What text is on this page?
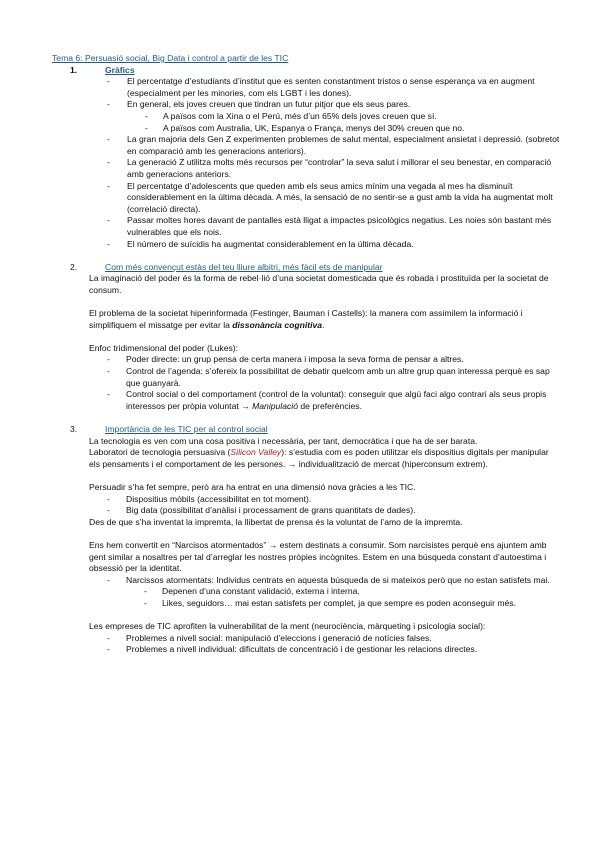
Tema 6: Persuasió social, Big Data i control a partir de les TIC
1.	Gràfics
- El percentatge d’estudiants d’institut que es senten constantment tristos o sense esperança va en augment (especialment per les minories, com els LGBT i les dones).
- En general, els joves creuen que tindran un futur pitjor que els seus pares.
- A països com la Xina o el Perú, més d’un 65% dels joves creuen que sí.
- A països com Australia, UK, Espanya o França, menys del 30% creuen que no.
- La gran majoria dels Gen Z experimenten problemes de salut mental, especialment ansietat i depressió. (sobretot en comparació amb les generacions anteriors).
- La generació Z utilitza molts més recursos per “controlar” la seva salut i millorar el seu benestar, en comparació amb generacions anteriors.
- El percentatge d’adolescents que queden amb els seus amics mínim una vegada al mes ha disminuït considerablement en la última dècada. A més, la sensació de no sentir-se a gust amb la vida ha augmentat molt (correlació directa).
- Passar moltes hores davant de pantalles està lligat a impactes psicològics negatius. Les noies són bastant més vulnerables que els nois.
- El número de suïcidis ha augmentat considerablement en la última dècada.
2.	Com més convençut estàs del teu lliure albitri, més fàcil ets de manipular
La imaginació del poder és la forma de rebel·lió d’una societat domesticada que és robada i prostituïda per la societat de consum.
El problema de la societat hiperinformada (Festinger, Bauman i Castells): la manera com assimilem la informació i simplifiquem el missatge per evitar la dissonància cognitiva.
Enfoc tridimensional del poder (Lukes):
- Poder directe: un grup pensa de certa manera i imposa la seva forma de pensar a altres.
- Control de l’agenda: s’ofereix la possibilitat de debatir quelcom amb un altre grup quan interessa perquè es sap que guanyarà.
- Control social o del comportament (control de la voluntat): conseguir que algú faci algo contrari als seus propis interessos per pròpia voluntat → Manipulació de preferències.
3.	Importància de les TIC per al control social
La tecnologia es ven com una cosa positiva i necessària, per tant, democràtica i que ha de ser barata.
Laboratori de tecnologia persuasiva (Silicon Valley): s’estudia com es poden utilitzar els dispositius digitals per manipular els pensaments i el comportament de les persones. → individualització de mercat (hiperconsum extrem).
Persuadir s’ha fet sempre, però ara ha entrat en una dimensió nova gràcies a les TIC.
- Dispositius mòbils (accessibilitat en tot moment).
- Big data (possibilitat d’anàlisi i processament de grans quantitats de dades).
Des de que s’ha inventat la impremta, la llibertat de prensa és la voluntat de l’amo de la impremta.
Ens hem convertit en “Narcisos atormentados” → estem destinats a consumir. Som narcisistes perquè ens ajuntem amb gent similar a nosaltres per tal d’arreglar les nostres pròpies incògnites. Estem en una búsqueda constant d’autoestima i obsessió per la identitat.
- Narcissos atormentats: Individus centrats en aquesta búsqueda de si mateixos però que no estan satisfets mai.
- Depenen d’una constant validació, externa i interna.
- Likes, seguidors… mai estan satisfets per complet, ja que sempre es poden aconseguir més.
Les empreses de TIC aprofiten la vulnerabilitat de la ment (neurociència, màrqueting i psicologia social):
- Problemes a nivell social: manipulació d’eleccions i generació de notícies falses.
- Problemes a nivell individual: dificultats de concentració i de gestionar les relacions directes.
